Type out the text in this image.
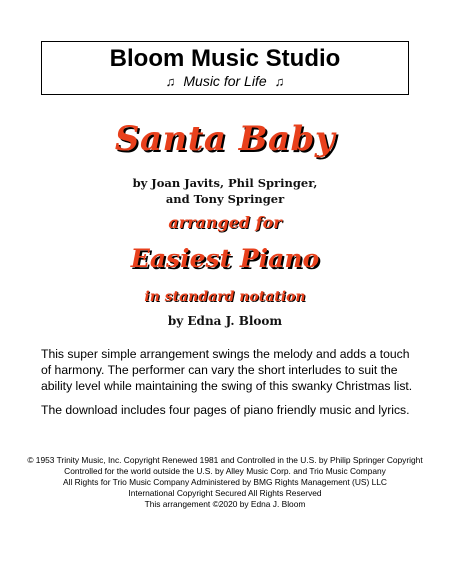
Bloom Music Studio
♫ Music for Life ♫
Santa Baby
by Joan Javits, Phil Springer,
and Tony Springer
arranged for
Easiest Piano
in standard notation
by Edna J. Bloom
This super simple arrangement swings the melody and adds a touch of harmony. The performer can vary the short interludes to suit the ability level while maintaining the swing of this swanky Christmas list.
The download includes four pages of piano friendly music and lyrics.
© 1953 Trinity Music, Inc. Copyright Renewed 1981 and Controlled in the U.S. by Philip Springer Copyright
Controlled for the world outside the U.S. by Alley Music Corp. and Trio Music Company
All Rights for Trio Music Company Administered by BMG Rights Management (US) LLC
International Copyright Secured All Rights Reserved
This arrangement ©2020 by Edna J. Bloom
